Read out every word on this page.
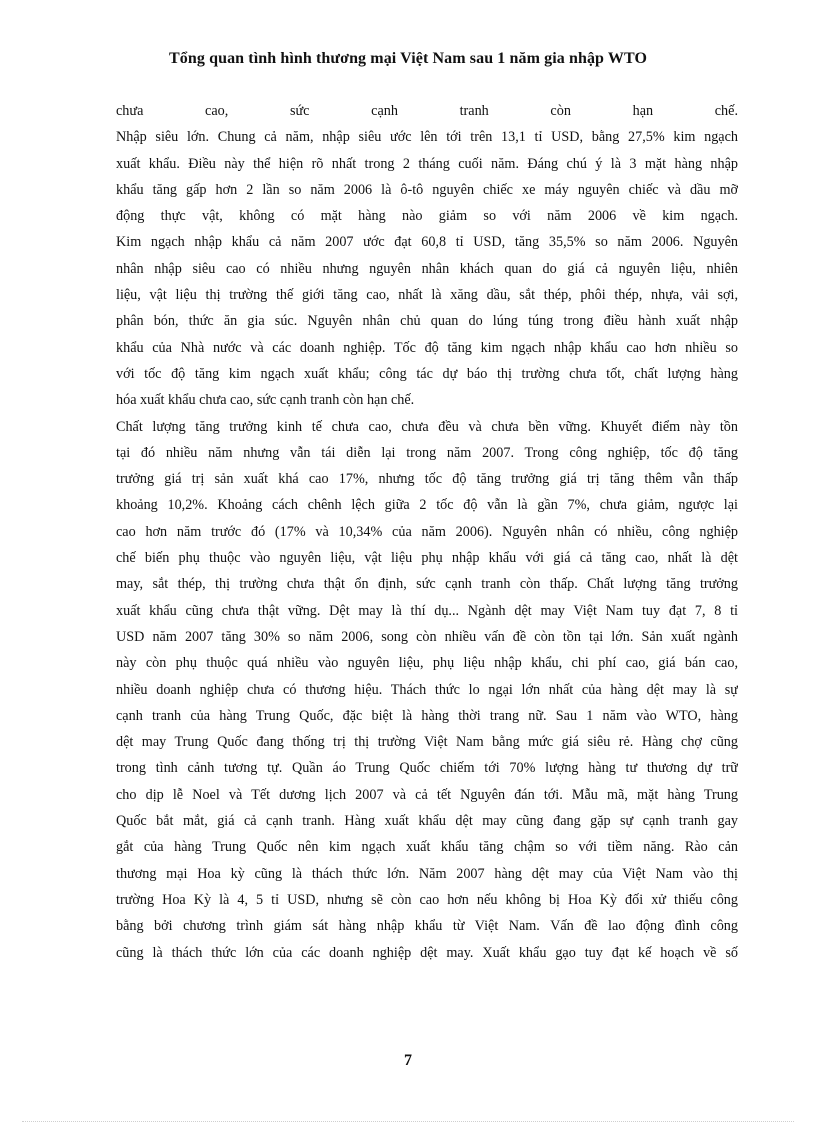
Tổng quan tình hình thương mại Việt Nam sau 1 năm gia nhập WTO

chưa cao, sức cạnh tranh còn hạn chế.

Nhập siêu lớn. Chung cả năm, nhập siêu ước lên tới trên 13,1 tỉ USD, bằng 27,5% kim ngạch
xuất khẩu. Điều này thể hiện rõ nhất trong 2 tháng cuối năm. Đáng chú ý là 3 mặt hàng nhập
khẩu tăng gấp hơn 2 lần so năm 2006 là ô-tô nguyên chiếc xe máy nguyên chiếc và dầu mỡ
động thực vật, không có mặt hàng nào giảm so với năm 2006 về kim ngạch.
Kim ngạch nhập khẩu cả năm 2007 ước đạt 60,8 tỉ USD, tăng 35,5% so năm 2006. Nguyên
nhân nhập siêu cao có nhiều nhưng nguyên nhân khách quan do giá cả nguyên liệu, nhiên
liệu, vật liệu thị trường thế giới tăng cao, nhất là xăng dầu, sắt thép, phôi thép, nhựa, vải sợi,
phân bón, thức ăn gia súc. Nguyên nhân chủ quan do lúng túng trong điều hành xuất nhập
khẩu của Nhà nước và các doanh nghiệp. Tốc độ tăng kim ngạch nhập khẩu cao hơn nhiều so
với tốc độ tăng kim ngạch xuất khẩu; công tác dự báo thị trường chưa tốt, chất lượng hàng
hóa xuất khẩu chưa cao, sức cạnh tranh còn hạn chế.

Chất lượng tăng trưởng kinh tế chưa cao, chưa đều và chưa bền vững. Khuyết điểm này tồn
tại đó nhiều năm nhưng vẫn tái diễn lại trong năm 2007. Trong công nghiệp, tốc độ tăng
trưởng giá trị sản xuất khá cao 17%, nhưng tốc độ tăng trưởng giá trị tăng thêm vẫn thấp
khoảng 10,2%. Khoảng cách chênh lệch giữa 2 tốc độ vẫn là gần 7%, chưa giảm, ngược lại
cao hơn năm trước đó (17% và 10,34% của năm 2006). Nguyên nhân có nhiều, công nghiệp
chế biến phụ thuộc vào nguyên liệu, vật liệu phụ nhập khẩu với giá cả tăng cao, nhất là dệt
may, sắt thép, thị trường chưa thật ổn định, sức cạnh tranh còn thấp. Chất lượng tăng trưởng
xuất khẩu cũng chưa thật vững. Dệt may là thí dụ... Ngành dệt may Việt Nam tuy đạt 7, 8 tỉ
USD năm 2007 tăng 30% so năm 2006, song còn nhiều vấn đề còn tồn tại lớn. Sản xuất ngành
này còn phụ thuộc quá nhiều vào nguyên liệu, phụ liệu nhập khẩu, chi phí cao, giá bán cao,
nhiều doanh nghiệp chưa có thương hiệu. Thách thức lo ngại lớn nhất của hàng dệt may là sự
cạnh tranh của hàng Trung Quốc, đặc biệt là hàng thời trang nữ. Sau 1 năm vào WTO, hàng
dệt may Trung Quốc đang thống trị thị trường Việt Nam bằng mức giá siêu rẻ. Hàng chợ cũng
trong tình cảnh tương tự. Quần áo Trung Quốc chiếm tới 70% lượng hàng tư thương dự trữ
cho dịp lễ Noel và Tết dương lịch 2007 và cả tết Nguyên đán tới. Mẫu mã, mặt hàng Trung
Quốc bắt mắt, giá cả cạnh tranh. Hàng xuất khẩu dệt may cũng đang gặp sự cạnh tranh gay
gắt của hàng Trung Quốc nên kim ngạch xuất khẩu tăng chậm so với tiềm năng. Rào cản
thương mại Hoa kỳ cũng là thách thức lớn. Năm 2007 hàng dệt may của Việt Nam vào thị
trường Hoa Kỳ là 4, 5 tỉ USD, nhưng sẽ còn cao hơn nếu không bị Hoa Kỳ đối xử thiếu công
bằng bởi chương trình giám sát hàng nhập khẩu từ Việt Nam. Vấn đề lao động đình công
cũng là thách thức lớn của các doanh nghiệp dệt may. Xuất khẩu gạo tuy đạt kế hoạch về số

7
